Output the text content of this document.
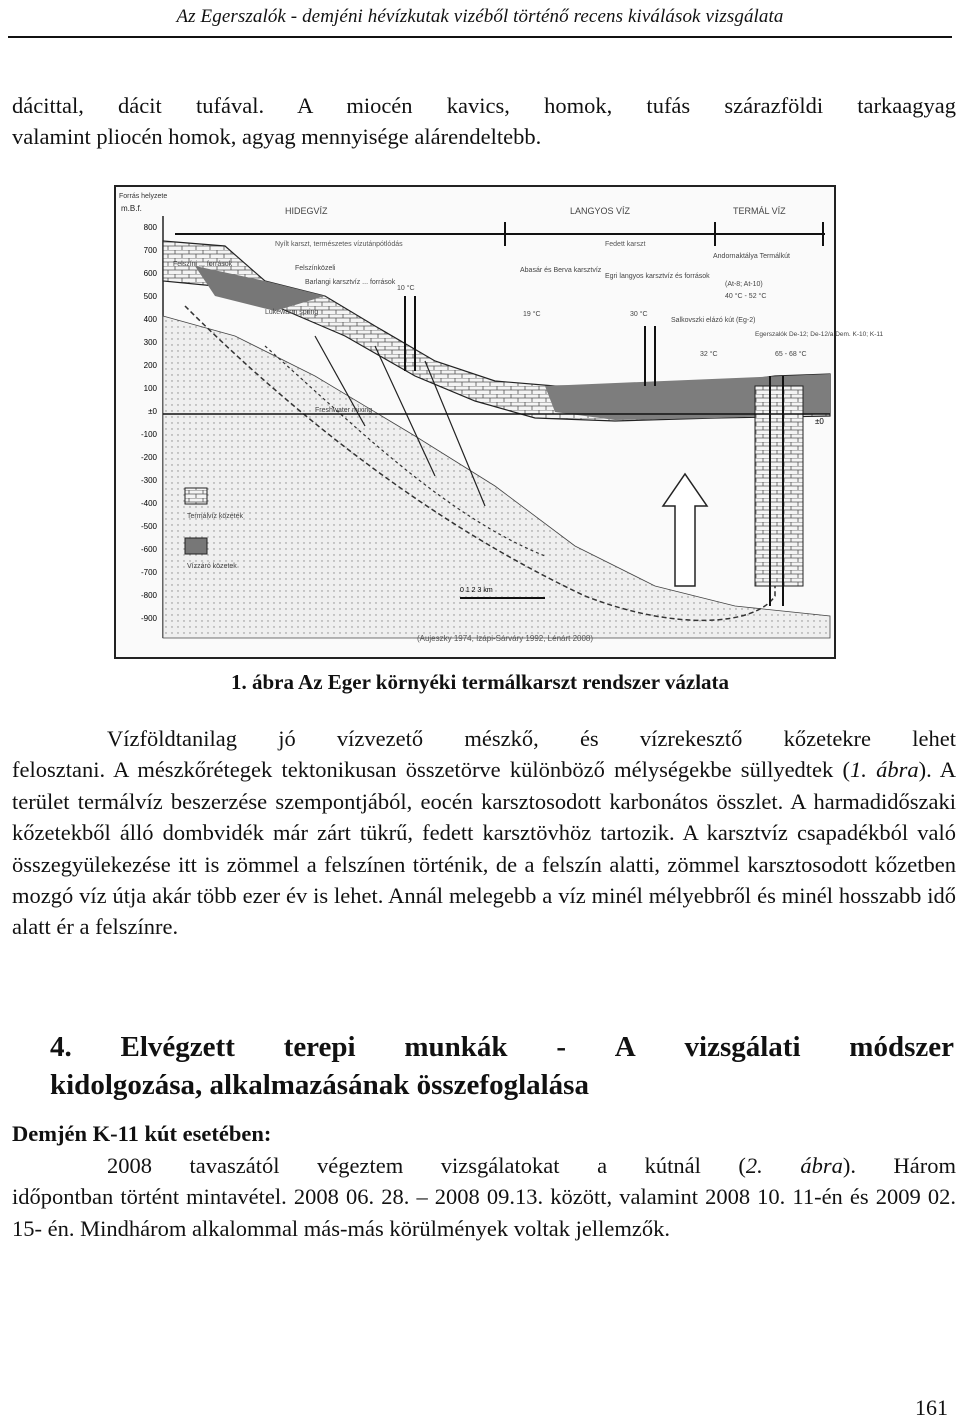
Az Egerszalók - demjéni hévízkutak vizéből történő recens kiválások vizsgálata

dácittal, dácit tufával. A miocén kavics, homok, tufás szárazföldi tarkaagyag
valamint pliocén homok, agyag mennyisége alárendeltebb.

Forrás helyzete
m.B.f.
800
700
600
500
400
300
200
100
±0
-100
-200
-300
-400
-500
-600
-700
-800
-900
HIDEGVÍZ	LANGYOS VÍZ	TERMÁL VÍZ
Nyílt karszt, természetes vízutánpótlódás	Fedett karszt
±0
Felszíni ... források
Felszínközeli
Barlangi karsztvíz ... források
Lukewarm spring
10 °C
Abasár és Berva karsztvíz
19 °C
Egri langyos karsztvíz és források
30 °C
Andornaktálya Termálkút
(At-8; At-10)
40 °C - 52 °C
Salkovszki elázó kút (Eg-2)
32 °C
Egerszalók De-12; De-12/a Dem. K-10; K-11
65 - 68 °C
Freshwater mixing
Termálvíz közetek
Vízzáró közetek
0 1 2 3 km
(Aujeszky 1974, Izápi-Sárváry 1992, Lénárt 2008)
1. ábra Az Eger környéki termálkarszt rendszer vázlata

Vízföldtanilag jó vízvezető mészkő, és vízrekesztő kőzetekre lehet
felosztani. A mészkőrétegek tektonikusan összetörve különböző mélységekbe süllyedtek (1. ábra). A terület termálvíz beszerzése szempontjából, eocén karsztosodott karbonátos összlet. A harmadidőszaki kőzetekből álló dombvidék már zárt tükrű, fedett karsztövhöz tartozik. A karsztvíz csapadékból való összegyülekezése itt is zömmel a felszínen történik, de a felszín alatti, zömmel karsztosodott kőzetben mozgó víz útja akár több ezer év is lehet. Annál melegebb a víz minél mélyebbről és minél hosszabb idő alatt ér a felszínre.

4. Elvégzett terepi munkák - A vizsgálati módszer
kidolgozása, alkalmazásának összefoglalása
Demjén K-11 kút esetében:

2008 tavaszától végeztem vizsgálatokat a kútnál (2. ábra). Három
időpontban történt mintavétel. 2008 06. 28. – 2008 09.13. között, valamint 2008 10. 11-én és 2009 02. 15- én. Mindhárom alkalommal más-más körülmények voltak jellemzők.

161
